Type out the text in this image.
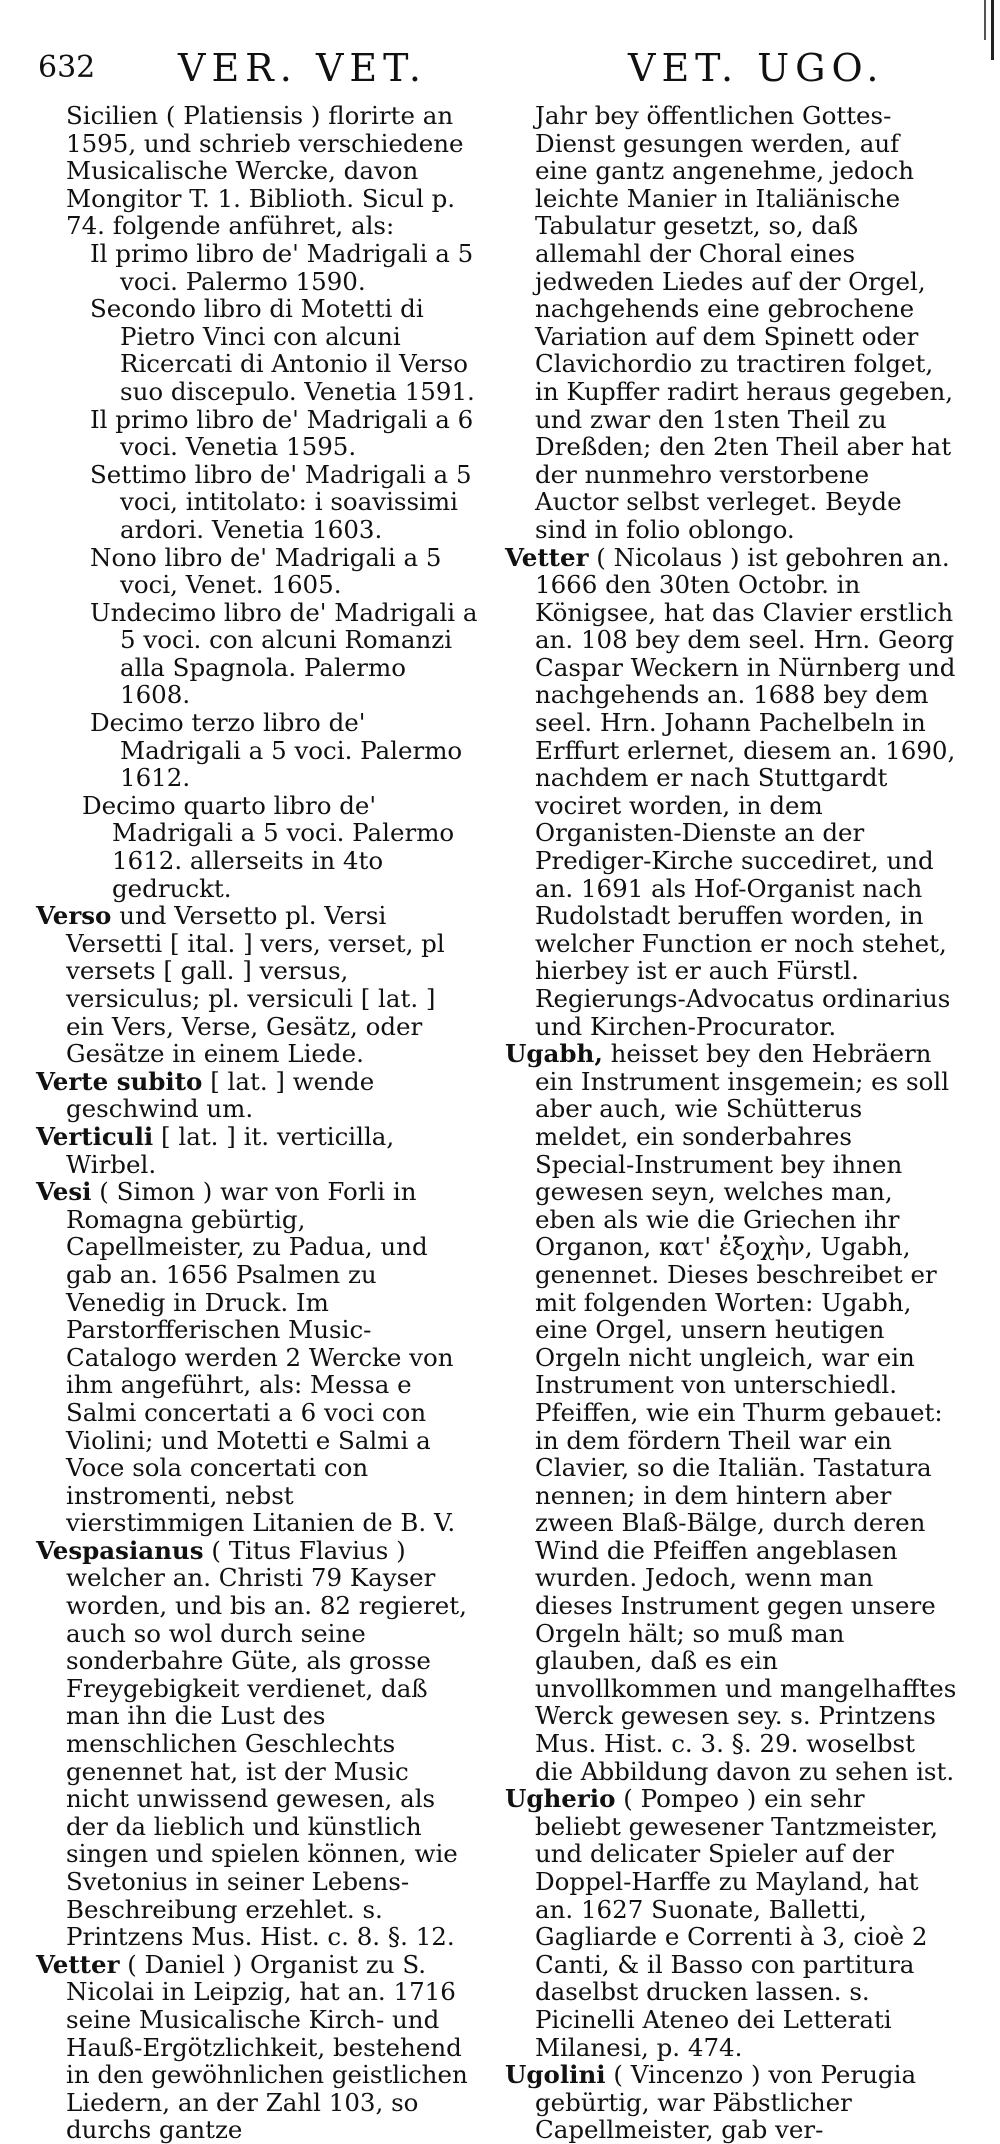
632 VER. VET.	VET. UGO.

Sicilien ( Platiensis ) florirte an 1595, und schrieb verschiedene Musicalische Wercke, davon Mongitor T. 1. Biblioth. Sicul p. 74. folgende anführet, als:

Il primo libro de' Madrigali a 5 voci. Palermo 1590.

Secondo libro di Motetti di Pietro Vinci con alcuni Ricercati di Antonio il Verso suo discepulo. Venetia 1591.

Il primo libro de' Madrigali a 6 voci. Venetia 1595.

Settimo libro de' Madrigali a 5 voci, intitolato: i soavissimi ardori. Venetia 1603.

Nono libro de' Madrigali a 5 voci, Venet. 1605.

Undecimo libro de' Madrigali a 5 voci. con alcuni Romanzi alla Spagnola. Palermo 1608.

Decimo terzo libro de' Madrigali a 5 voci. Palermo 1612.

Decimo quarto libro de' Madrigali a 5 voci. Palermo 1612. allerseits in 4to gedruckt.

Verso und Versetto pl. Versi Versetti [ ital. ] vers, verset, pl versets [ gall. ] versus, versiculus; pl. versiculi [ lat. ] ein Vers, Verse, Gesätz, oder Gesätze in einem Liede.

Verte subito [ lat. ] wende geschwind um.

Verticuli [ lat. ] it. verticilla, Wirbel.

Vesi ( Simon ) war von Forli in Romagna gebürtig, Capellmeister, zu Padua, und gab an. 1656 Psalmen zu Venedig in Druck. Im Parstorfferischen Music-Catalogo werden 2 Wercke von ihm angeführt, als: Messa e Salmi concertati a 6 voci con Violini; und Motetti e Salmi a Voce sola concertati con instromenti, nebst vierstimmigen Litanien de B. V.

Vespasianus ( Titus Flavius ) welcher an. Christi 79 Kayser worden, und bis an. 82 regieret, auch so wol durch seine sonderbahre Güte, als grosse Freygebigkeit verdienet, daß man ihn die Lust des menschlichen Geschlechts genennet hat, ist der Music nicht unwissend gewesen, als der da lieblich und künstlich singen und spielen können, wie Svetonius in seiner Lebens-Beschreibung erzehlet. s. Printzens Mus. Hist. c. 8. §. 12.

Vetter ( Daniel ) Organist zu S. Nicolai in Leipzig, hat an. 1716 seine Musicalische Kirch- und Hauß-Ergötzlichkeit, bestehend in den gewöhnlichen geistlichen Liedern, an der Zahl 103, so durchs gantze

Jahr bey öffentlichen Gottes-Dienst gesungen werden, auf eine gantz angenehme, jedoch leichte Manier in Italiänische Tabulatur gesetzt, so, daß allemahl der Choral eines jedweden Liedes auf der Orgel, nachgehends eine gebrochene Variation auf dem Spinett oder Clavichordio zu tractiren folget, in Kupffer radirt heraus gegeben, und zwar den 1sten Theil zu Dreßden; den 2ten Theil aber hat der nunmehro verstorbene Auctor selbst verleget. Beyde sind in folio oblongo.

Vetter ( Nicolaus ) ist gebohren an. 1666 den 30ten Octobr. in Königsee, hat das Clavier erstlich an. 108 bey dem seel. Hrn. Georg Caspar Weckern in Nürnberg und nachgehends an. 1688 bey dem seel. Hrn. Johann Pachelbeln in Erffurt erlernet, diesem an. 1690, nachdem er nach Stuttgardt vociret worden, in dem Organisten-Dienste an der Prediger-Kirche succediret, und an. 1691 als Hof-Organist nach Rudolstadt beruffen worden, in welcher Function er noch stehet, hierbey ist er auch Fürstl. Regierungs-Advocatus ordinarius und Kirchen-Procurator.

Ugabh, heisset bey den Hebräern ein Instrument insgemein; es soll aber auch, wie Schütterus meldet, ein sonderbahres Special-Instrument bey ihnen gewesen seyn, welches man, eben als wie die Griechen ihr Organon, κατ' ἐξοχὴν, Ugabh, genennet. Dieses beschreibet er mit folgenden Worten: Ugabh, eine Orgel, unsern heutigen Orgeln nicht ungleich, war ein Instrument von unterschiedl. Pfeiffen, wie ein Thurm gebauet: in dem fördern Theil war ein Clavier, so die Italiän. Tastatura nennen; in dem hintern aber zween Blaß-Bälge, durch deren Wind die Pfeiffen angeblasen wurden. Jedoch, wenn man dieses Instrument gegen unsere Orgeln hält; so muß man glauben, daß es ein unvollkommen und mangelhafftes Werck gewesen sey. s. Printzens Mus. Hist. c. 3. §. 29. woselbst die Abbildung davon zu sehen ist.

Ugherio ( Pompeo ) ein sehr beliebt gewesener Tantzmeister, und delicater Spieler auf der Doppel-Harffe zu Mayland, hat an. 1627 Suonate, Balletti, Gagliarde e Correnti à 3, cioè 2 Canti, & il Basso con partitura daselbst drucken lassen. s. Picinelli Ateneo dei Letterati Milanesi, p. 474.

Ugolini ( Vincenzo ) von Perugia gebürtig, war Päbstlicher Capellmeister, gab ver-
